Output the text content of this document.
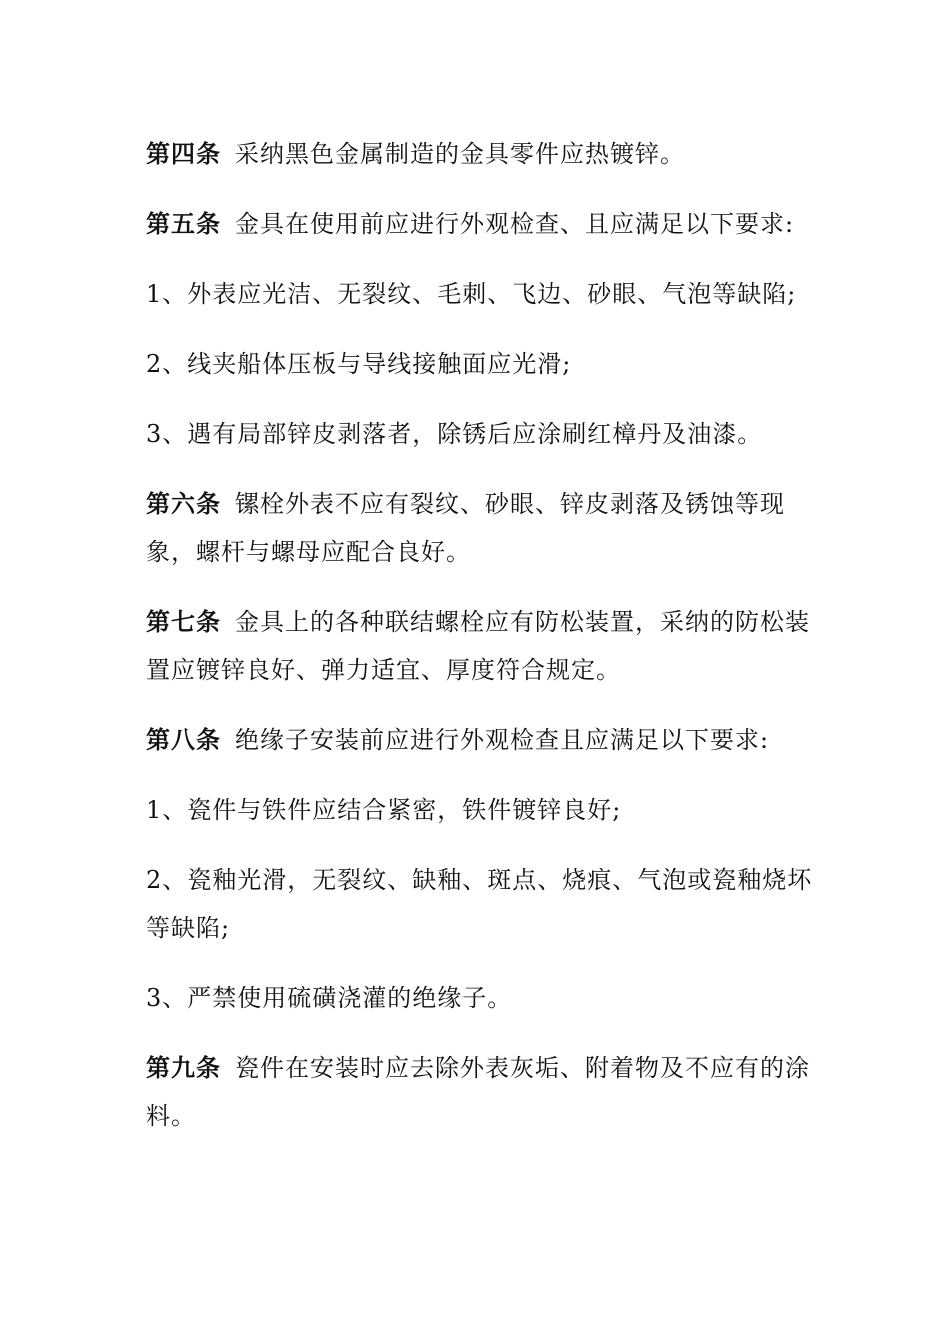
第四条 采纳黑色金属制造的金具零件应热镀锌。

第五条 金具在使用前应进行外观检查、且应满足以下要求:

1、外表应光洁、无裂纹、毛刺、飞边、砂眼、气泡等缺陷;

2、线夹船体压板与导线接触面应光滑;

3、遇有局部锌皮剥落者，除锈后应涂刷红樟丹及油漆。

第六条 镙栓外表不应有裂纹、砂眼、锌皮剥落及锈蚀等现象，螺杆与螺母应配合良好。

第七条 金具上的各种联结螺栓应有防松装置，采纳的防松装置应镀锌良好、弹力适宜、厚度符合规定。

第八条 绝缘子安装前应进行外观检查且应满足以下要求:

1、瓷件与铁件应结合紧密，铁件镀锌良好;

2、瓷釉光滑，无裂纹、缺釉、斑点、烧痕、气泡或瓷釉烧坏等缺陷;

3、严禁使用硫磺浇灌的绝缘子。

第九条 瓷件在安装时应去除外表灰垢、附着物及不应有的涂料。
